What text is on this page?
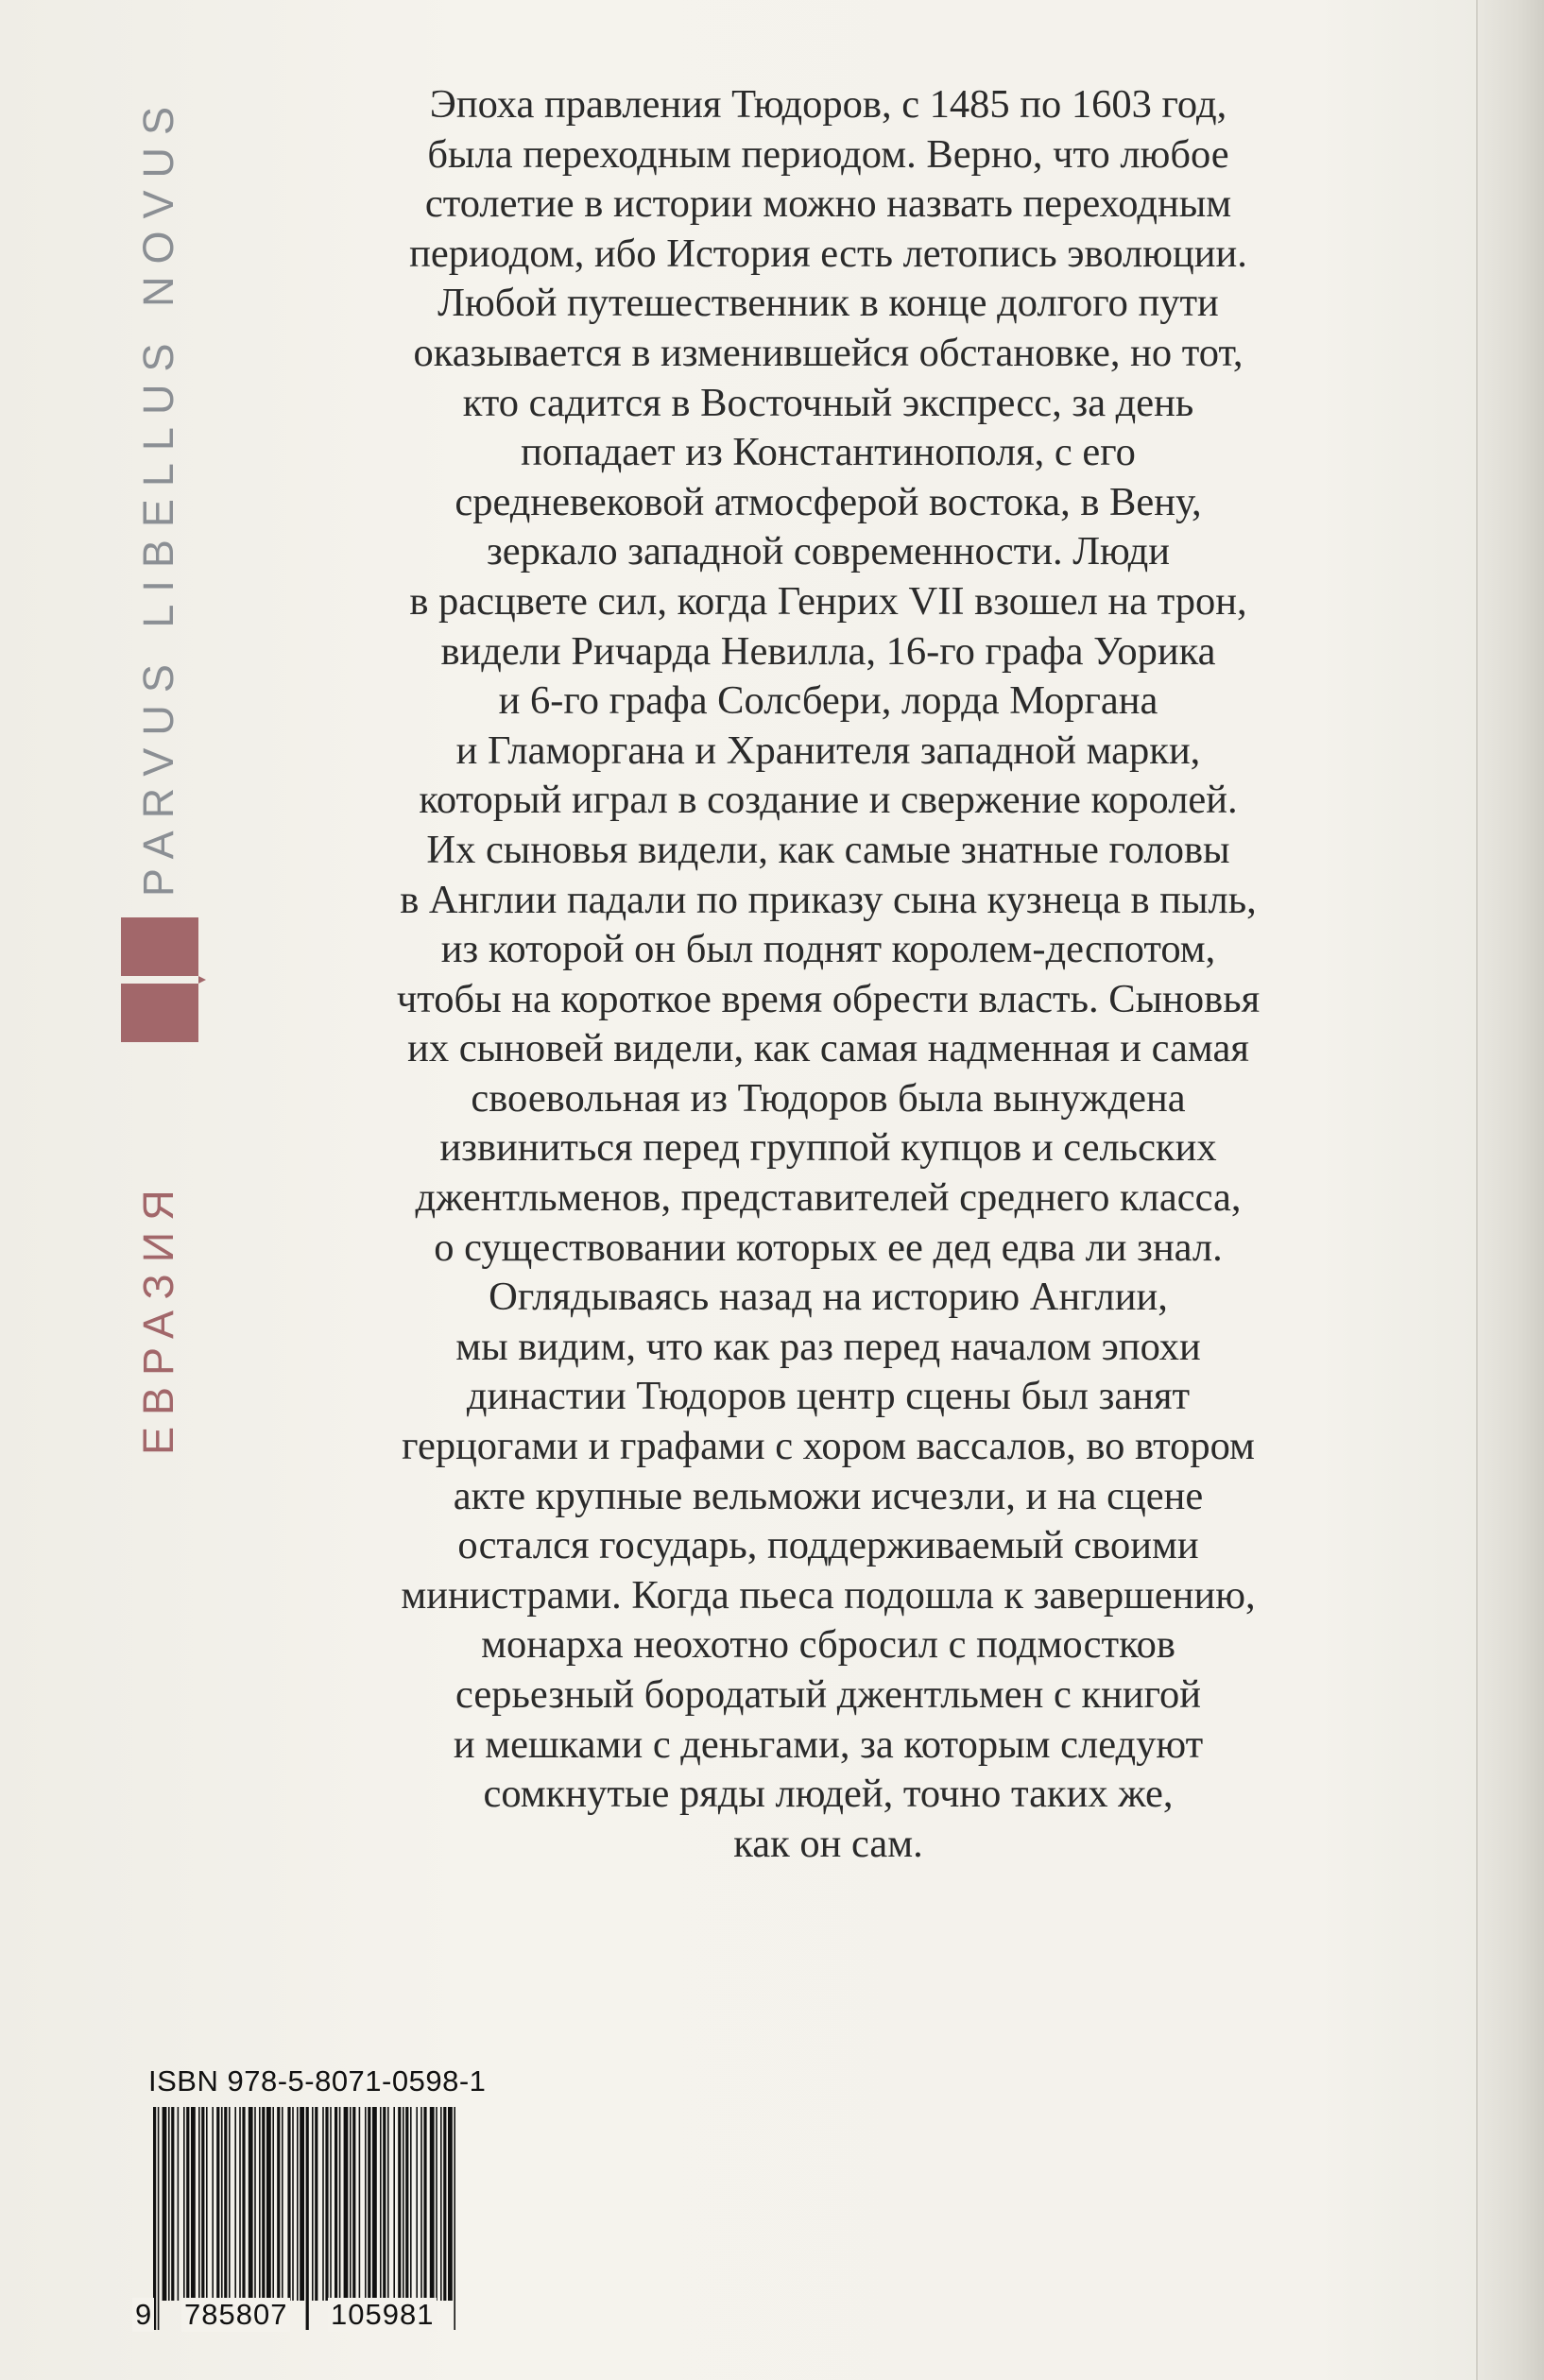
ЕВРАЗИЯ
PARVUS LIBELLUS NOVUS	Эпоха правления Тюдоров, с 1485 по 1603 год,
была переходным периодом. Верно, что любое
столетие в истории можно назвать переходным
периодом, ибо История есть летопись эволюции.
Любой путешественник в конце долгого пути
оказывается в изменившейся обстановке, но тот,
кто садится в Восточный экспресс, за день
попадает из Константинополя, с его
средневековой атмосферой востока, в Вену,
зеркало западной современности. Люди
в расцвете сил, когда Генрих VII взошел на трон,
видели Ричарда Невилла, 16-го графа Уорика
и 6-го графа Солсбери, лорда Моргана
и Гламоргана и Хранителя западной марки,
который играл в создание и свержение королей.
Их сыновья видели, как самые знатные головы
в Англии падали по приказу сына кузнеца в пыль,
из которой он был поднят королем-деспотом,
чтобы на короткое время обрести власть. Сыновья
их сыновей видели, как самая надменная и самая
своевольная из Тюдоров была вынуждена
извиниться перед группой купцов и сельских
джентльменов, представителей среднего класса,
о существовании которых ее дед едва ли знал.
Оглядываясь назад на историю Англии,
мы видим, что как раз перед началом эпохи
династии Тюдоров центр сцены был занят
герцогами и графами с хором вассалов, во втором
акте крупные вельможи исчезли, и на сцене
остался государь, поддерживаемый своими
министрами. Когда пьеса подошла к завершению,
монарха неохотно сбросил с подмостков
серьезный бородатый джентльмен с книгой
и мешками с деньгами, за которым следуют
сомкнутые ряды людей, точно таких же,
как он сам.
ISBN 978-5-8071-0598-1
9 785807 105981
